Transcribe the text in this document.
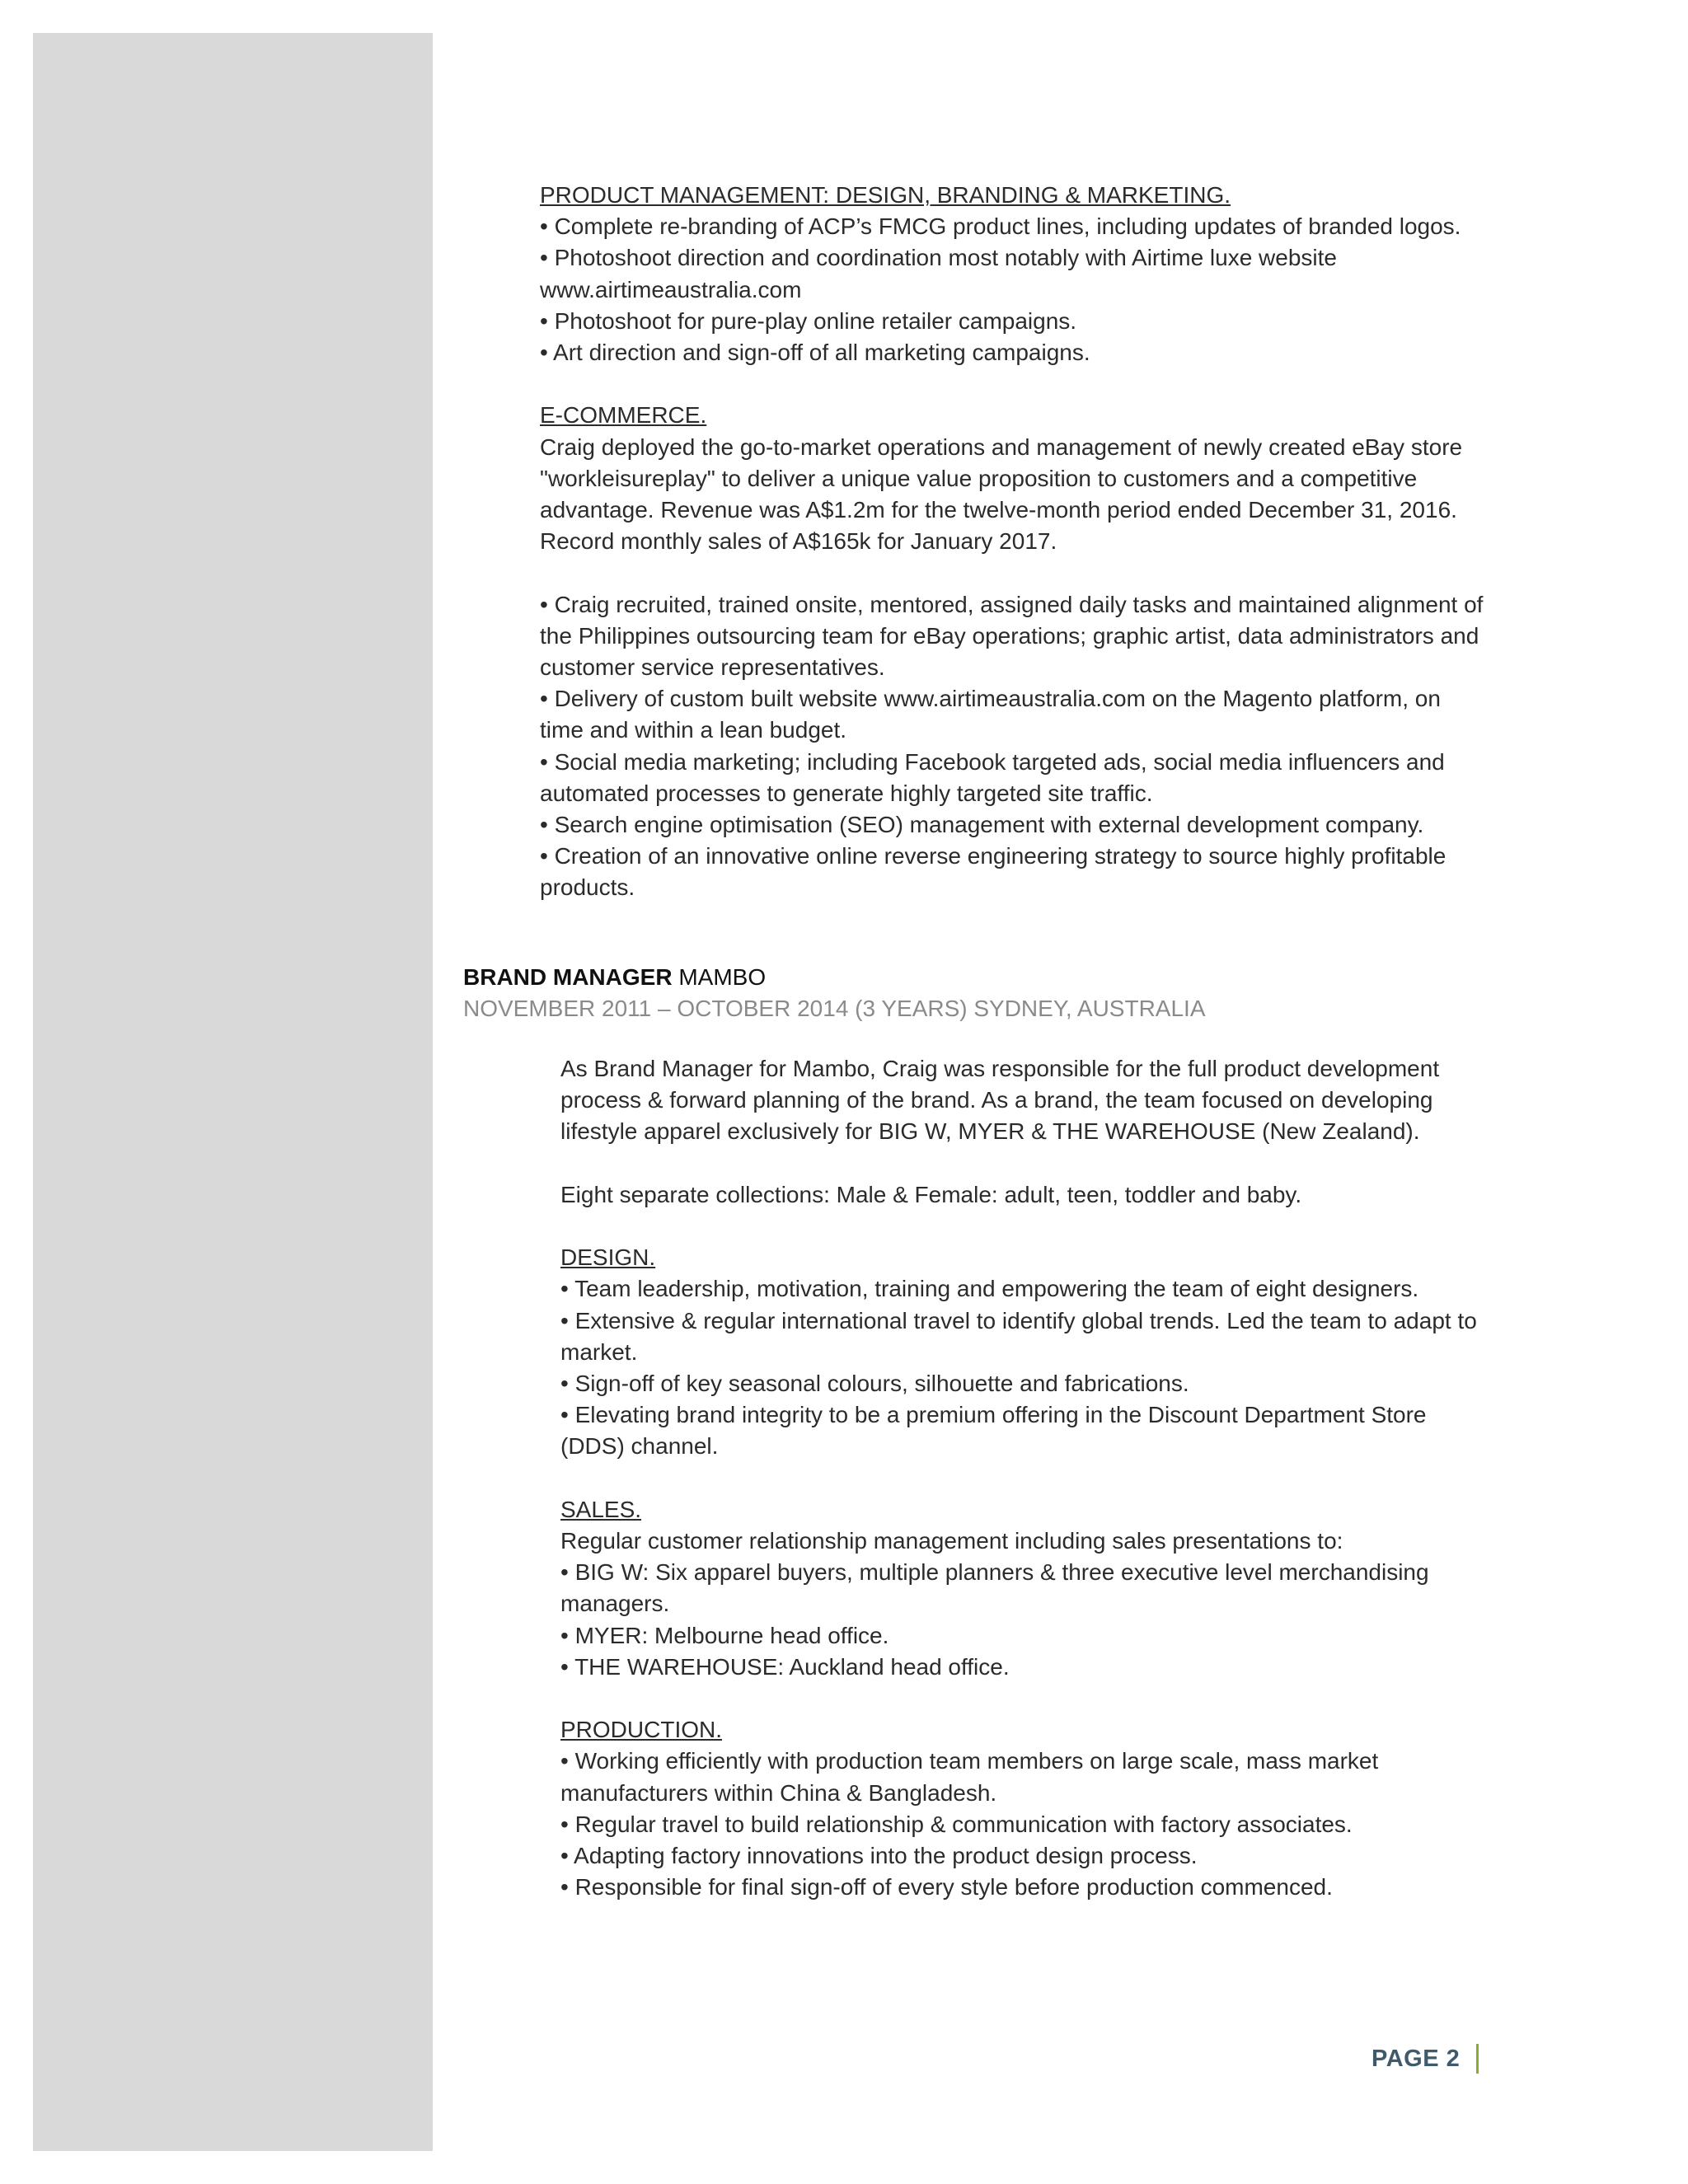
PRODUCT MANAGEMENT: DESIGN, BRANDING & MARKETING.

• Complete re-branding of ACP’s FMCG product lines, including updates of branded logos.

• Photoshoot direction and coordination most notably with Airtime luxe website www.airtimeaustralia.com

• Photoshoot for pure-play online retailer campaigns.

• Art direction and sign-off of all marketing campaigns.

E-COMMERCE.

Craig deployed the go-to-market operations and management of newly created eBay store "workleisureplay" to deliver a unique value proposition to customers and a competitive advantage. Revenue was A$1.2m for the twelve-month period ended December 31, 2016. Record monthly sales of A$165k for January 2017.

• Craig recruited, trained onsite, mentored, assigned daily tasks and maintained alignment of the Philippines outsourcing team for eBay operations; graphic artist, data administrators and customer service representatives.

• Delivery of custom built website www.airtimeaustralia.com on the Magento platform, on time and within a lean budget.

• Social media marketing; including Facebook targeted ads, social media influencers and automated processes to generate highly targeted site traffic.

• Search engine optimisation (SEO) management with external development company.

• Creation of an innovative online reverse engineering strategy to source highly profitable products.

BRAND MANAGER MAMBO
NOVEMBER 2011 – OCTOBER 2014 (3 YEARS) SYDNEY, AUSTRALIA

As Brand Manager for Mambo, Craig was responsible for the full product development process & forward planning of the brand. As a brand, the team focused on developing lifestyle apparel exclusively for BIG W, MYER & THE WAREHOUSE (New Zealand).

Eight separate collections: Male & Female: adult, teen, toddler and baby.

DESIGN.

• Team leadership, motivation, training and empowering the team of eight designers.

• Extensive & regular international travel to identify global trends. Led the team to adapt to market.

• Sign-off of key seasonal colours, silhouette and fabrications.

• Elevating brand integrity to be a premium offering in the Discount Department Store (DDS) channel.

SALES.

Regular customer relationship management including sales presentations to:

• BIG W: Six apparel buyers, multiple planners & three executive level merchandising managers.

• MYER: Melbourne head office.

• THE WAREHOUSE: Auckland head office.

PRODUCTION.

• Working efficiently with production team members on large scale, mass market manufacturers within China & Bangladesh.

• Regular travel to build relationship & communication with factory associates.

• Adapting factory innovations into the product design process.

• Responsible for final sign-off of every style before production commenced.

PAGE 2
